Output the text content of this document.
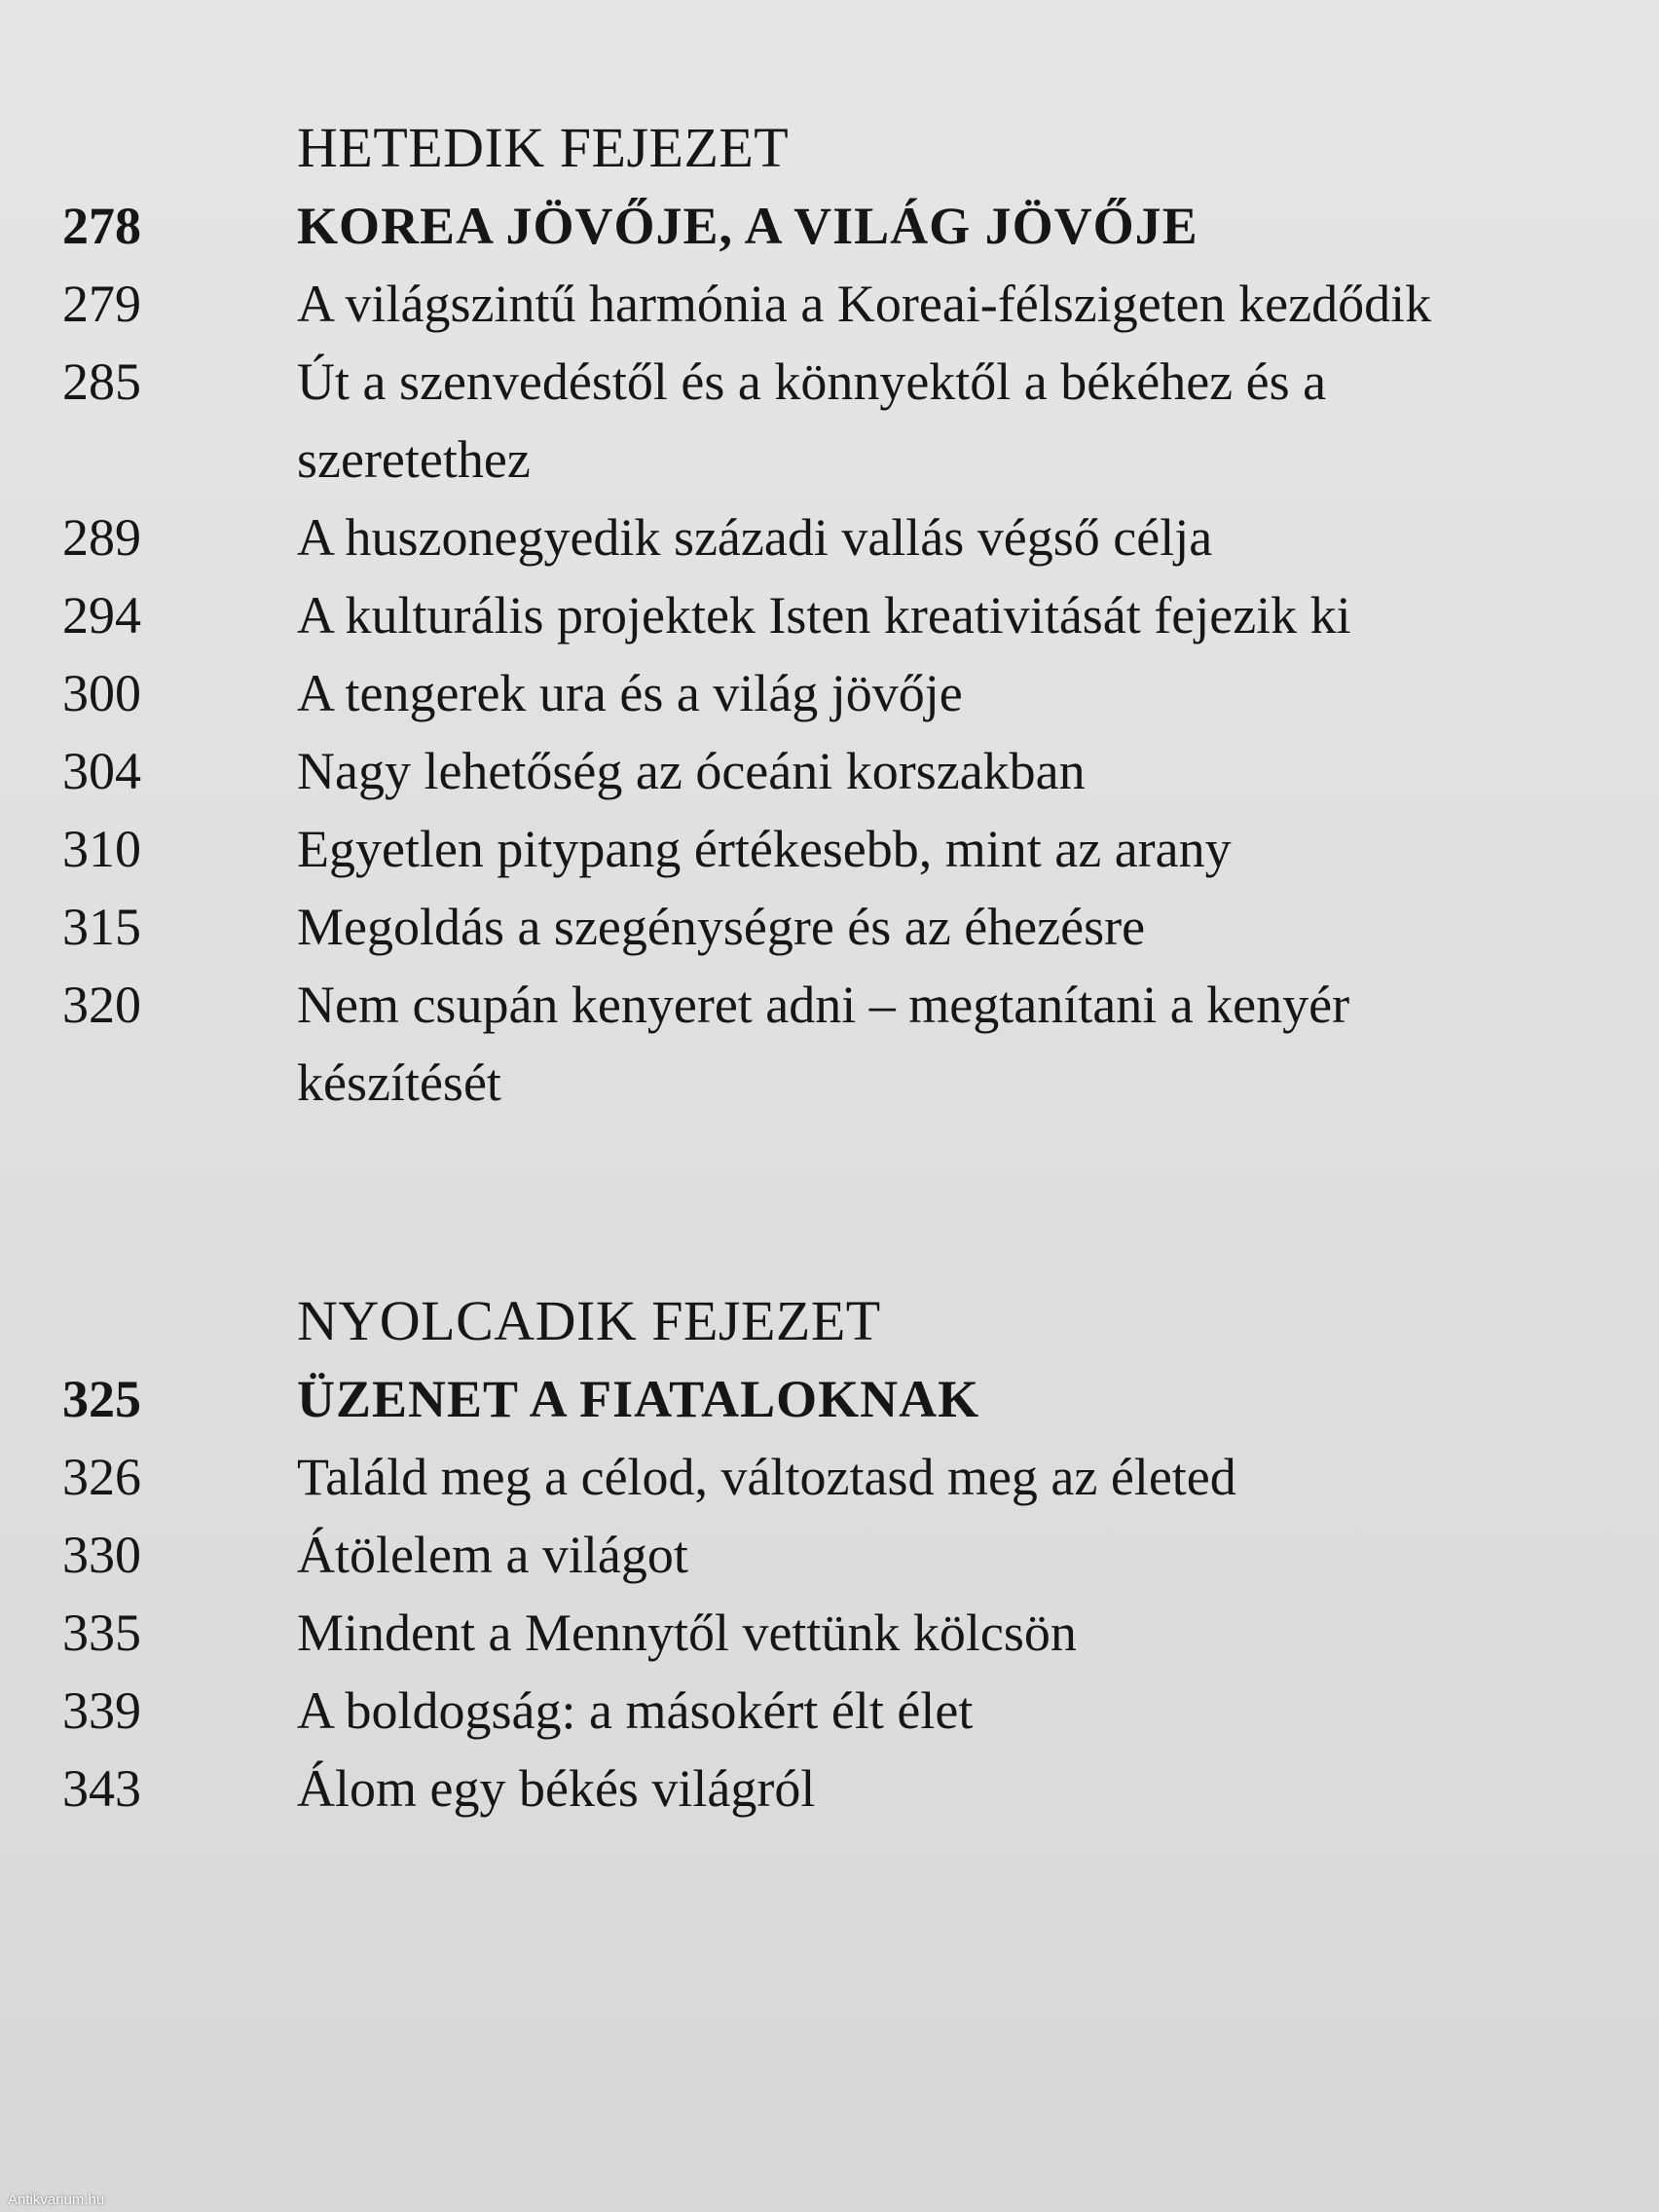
HETEDIK FEJEZET
278	KOREA JÖVŐJE, A VILÁG JÖVŐJE
279	A világszintű harmónia a Koreai-félszigeten kezdődik
285	Út a szenvedéstől és a könnyektől a békéhez és a szeretethez
289	A huszonegyedik századi vallás végső célja
294	A kulturális projektek Isten kreativitását fejezik ki
300	A tengerek ura és a világ jövője
304	Nagy lehetőség az óceáni korszakban
310	Egyetlen pitypang értékesebb, mint az arany
315	Megoldás a szegénységre és az éhezésre
320	Nem csupán kenyeret adni – megtanítani a kenyér készítését
NYOLCADIK FEJEZET
325	ÜZENET A FIATALOKNAK
326	Találd meg a célod, változtasd meg az életed
330	Átölelem a világot
335	Mindent a Mennytől vettünk kölcsön
339	A boldogság: a másokért élt élet
343	Álom egy békés világról
Antikvarium.hu
